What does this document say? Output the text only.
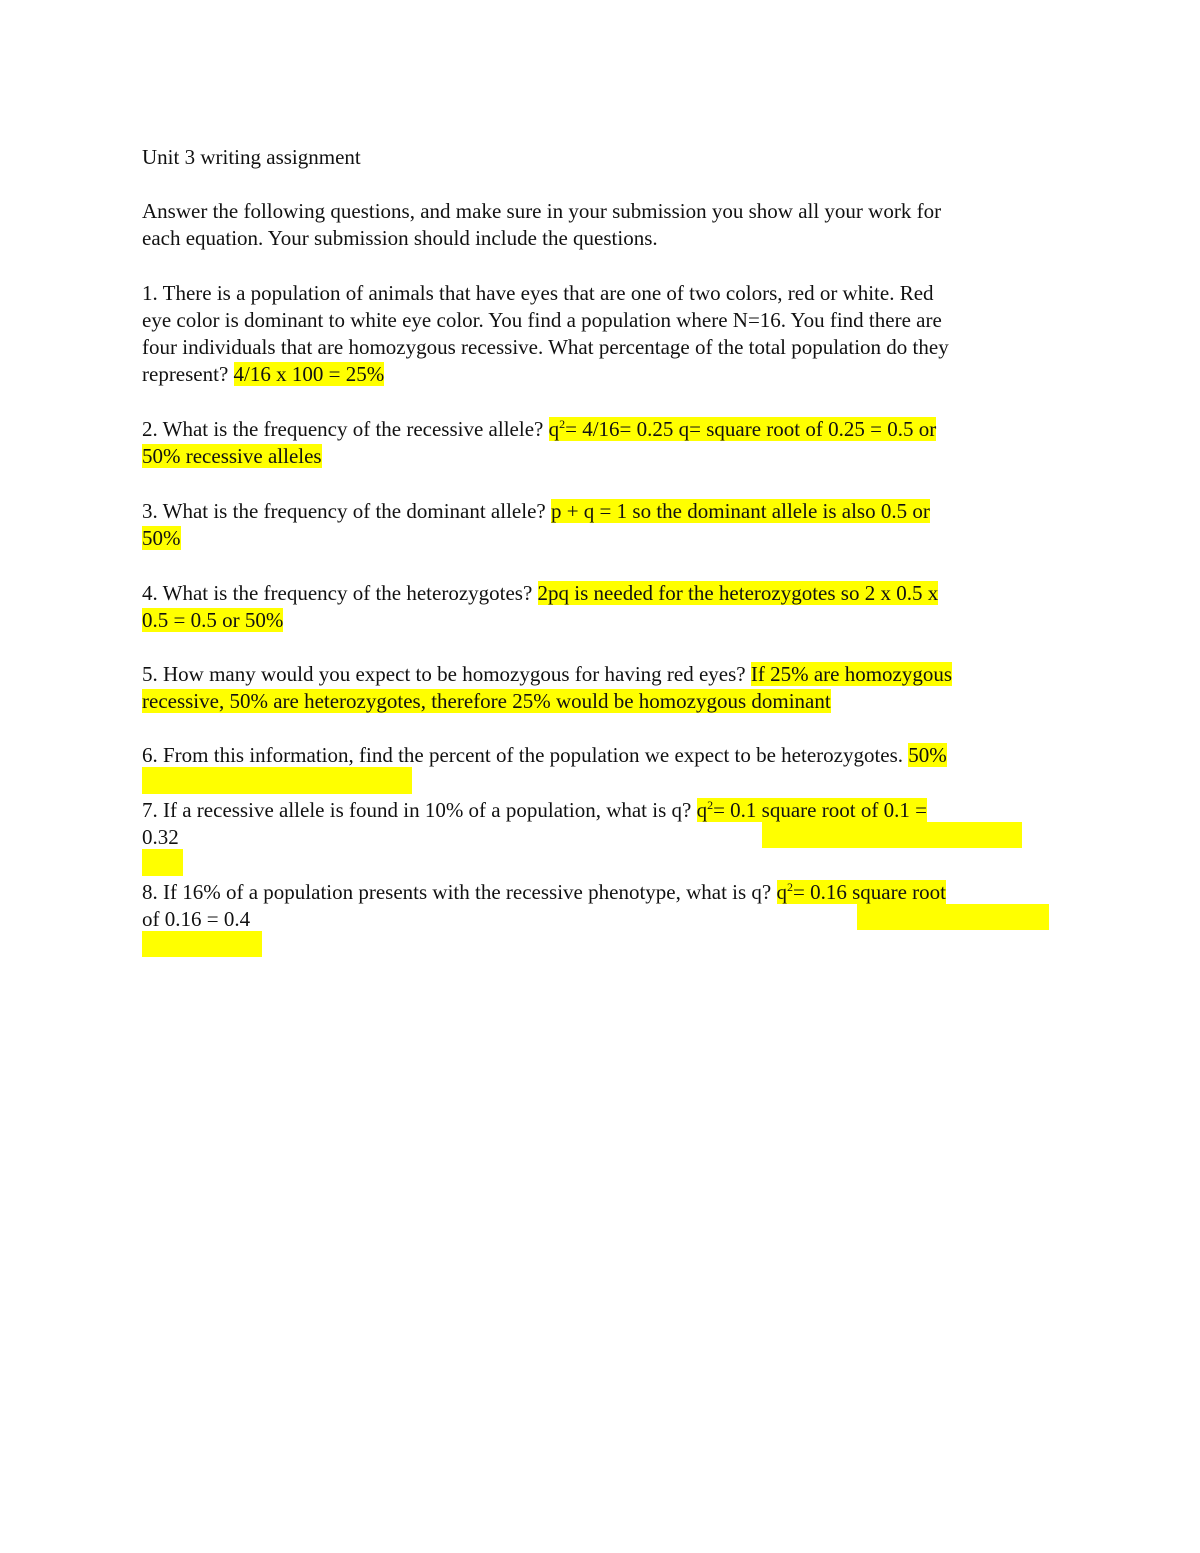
Unit 3 writing assignment

Answer the following questions, and make sure in your submission you show all your work for
each equation. Your submission should include the questions.

1. There is a population of animals that have eyes that are one of two colors, red or white. Red
eye color is dominant to white eye color. You find a population where N=16. You find there are
four individuals that are homozygous recessive. What percentage of the total population do they
represent? 4/16 x 100 = 25%

2. What is the frequency of the recessive allele? $q^2= 4/16= 0.25$ q= square root of 0.25 = 0.5 or
50% recessive alleles

3. What is the frequency of the dominant allele? p + q = 1 so the dominant allele is also 0.5 or
50%

4. What is the frequency of the heterozygotes? 2pq is needed for the heterozygotes so 2 x 0.5 x
0.5 = 0.5 or 50%

5. How many would you expect to be homozygous for having red eyes? If 25% are homozygous
recessive, 50% are heterozygotes, therefore 25% would be homozygous dominant

6. From this information, find the percent of the population we expect to be heterozygotes. 50%

7. If a recessive allele is found in 10% of a population, what is q? $q^2= 0.1$ square root of 0.1 =
0.32

8. If 16% of a population presents with the recessive phenotype, what is q? $q^2= 0.16$ square root
of 0.16 = 0.4
